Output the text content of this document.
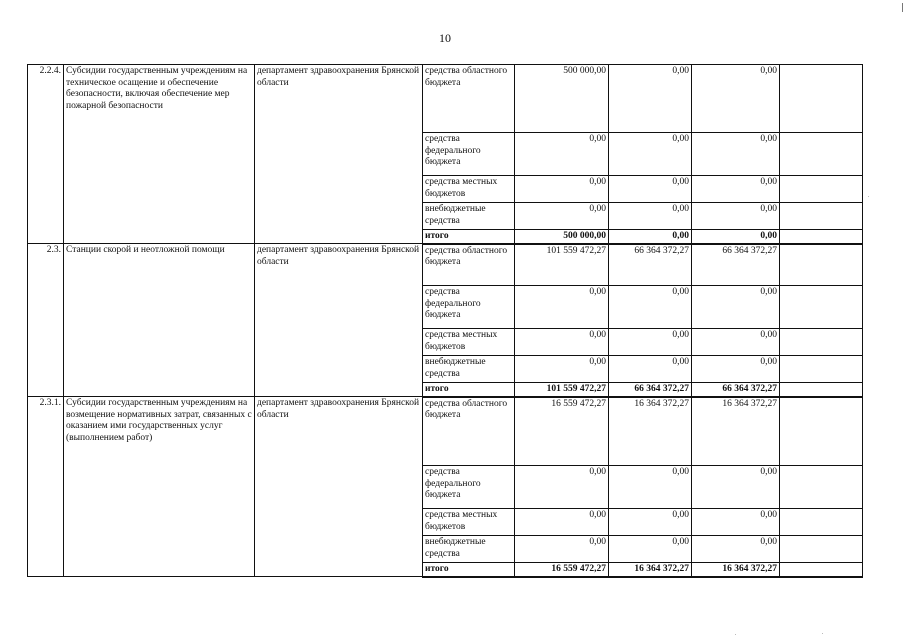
10
2.2.4.	Субсидии государственным учреждениям на техническое осащение и обеспечение безопасности, включая обеспечение мер пожарной безопасности	департамент здравоохранения Брянской области	средства областного бюджета	500 000,00	0,00	0,00	
			средства федерального бюджета	0,00	0,00	0,00	
			средства местных бюджетов	0,00	0,00	0,00	
			внебюджетные средства	0,00	0,00	0,00	
			итого	500 000,00	0,00	0,00	
2.3.	Станции скорой и неотложной помощи	департамент здравоохранения Брянской области	средства областного бюджета	101 559 472,27	66 364 372,27	66 364 372,27	
			средства федерального бюджета	0,00	0,00	0,00	
			средства местных бюджетов	0,00	0,00	0,00	
			внебюджетные средства	0,00	0,00	0,00	
			итого	101 559 472,27	66 364 372,27	66 364 372,27	
2.3.1.	Субсидии государственным учреждениям на возмещение нормативных затрат, связанных с оказанием ими государственных услуг (выполнением работ)	департамент здравоохранения Брянской области	средства областного бюджета	16 559 472,27	16 364 372,27	16 364 372,27	
			средства федерального бюджета	0,00	0,00	0,00	
			средства местных бюджетов	0,00	0,00	0,00	
			внебюджетные средства	0,00	0,00	0,00	
			итого	16 559 472,27	16 364 372,27	16 364 372,27	
